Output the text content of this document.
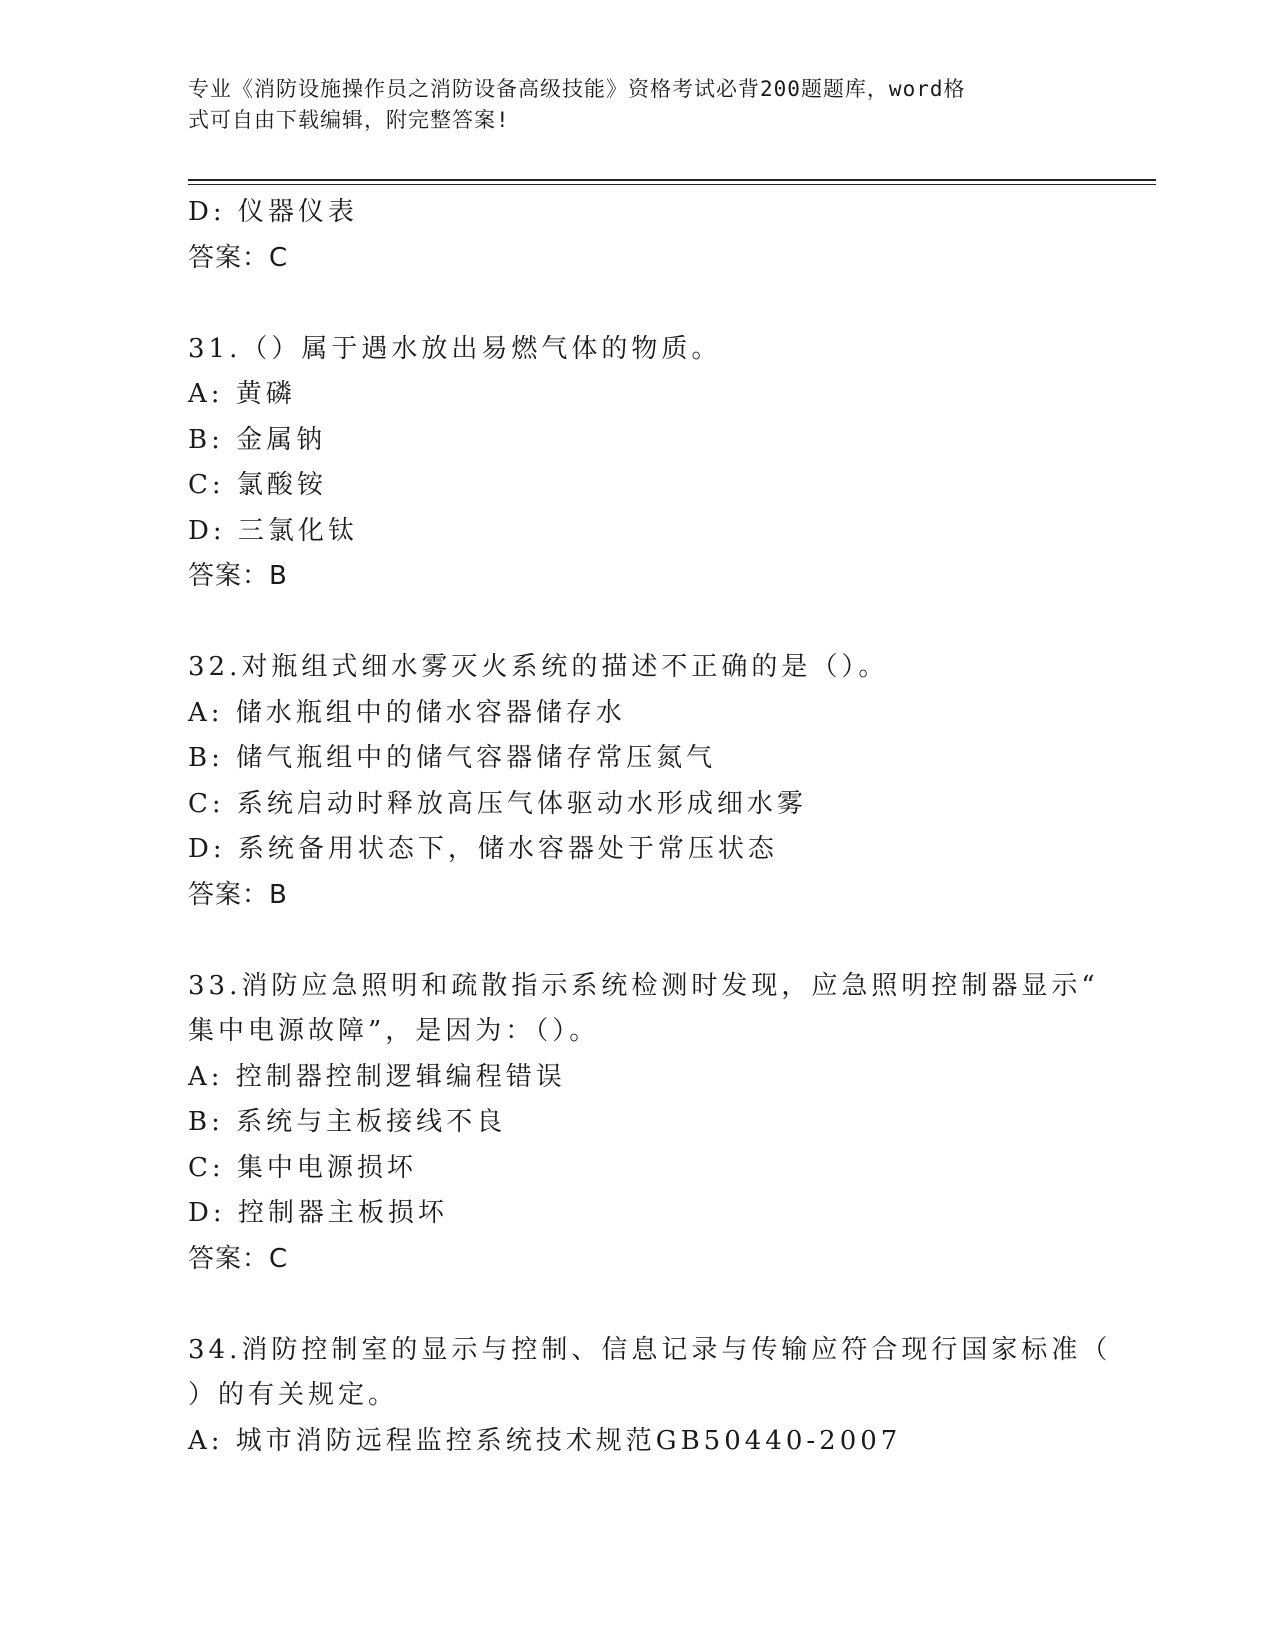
专业《消防设施操作员之消防设备高级技能》资格考试必背200题题库，word格
式可自由下载编辑，附完整答案!
D: 仪器仪表
答案：C
31.（）属于遇水放出易燃气体的物质。
A: 黄磷
B: 金属钠
C: 氯酸铵
D: 三氯化钛
答案：B
32.对瓶组式细水雾灭火系统的描述不正确的是（）。
A: 储水瓶组中的储水容器储存水
B: 储气瓶组中的储气容器储存常压氮气
C: 系统启动时释放高压气体驱动水形成细水雾
D: 系统备用状态下，储水容器处于常压状态
答案：B
33.消防应急照明和疏散指示系统检测时发现，应急照明控制器显示“
集中电源故障”，是因为：（）。
A: 控制器控制逻辑编程错误
B: 系统与主板接线不良
C: 集中电源损坏
D: 控制器主板损坏
答案：C
34.消防控制室的显示与控制、信息记录与传输应符合现行国家标准（
）的有关规定。
A: 城市消防远程监控系统技术规范GB50440-2007
